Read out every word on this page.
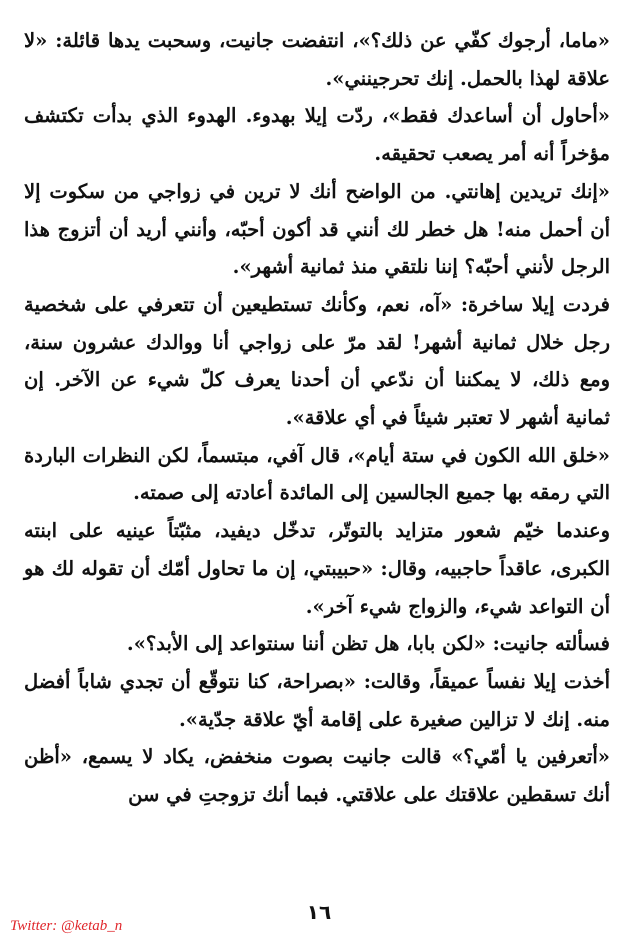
«ماما، أرجوك كفّي عن ذلك؟»، انتفضت جانيت، وسحبت يدها قائلة: «لا علاقة لهذا بالحمل. إنك تحرجينني».

«أحاول أن أساعدك فقط»، ردّت إيلا بهدوء. الهدوء الذي بدأت تكتشف مؤخراً أنه أمر يصعب تحقيقه.

«إنك تريدين إهانتي. من الواضح أنك لا ترين في زواجي من سكوت إلا أن أحمل منه! هل خطر لك أنني قد أكون أحبّه، وأنني أريد أن أتزوج هذا الرجل لأنني أحبّه؟ إننا نلتقي منذ ثمانية أشهر».

فردت إيلا ساخرة: «آه، نعم، وكأنك تستطيعين أن تتعرفي على شخصية رجل خلال ثمانية أشهر! لقد مرّ على زواجي أنا ووالدك عشرون سنة، ومع ذلك، لا يمكننا أن ندّعي أن أحدنا يعرف كلّ شيء عن الآخر. إن ثمانية أشهر لا تعتبر شيئاً في أي علاقة».

«خلق الله الكون في ستة أيام»، قال آفي، مبتسماً، لكن النظرات الباردة التي رمقه بها جميع الجالسين إلى المائدة أعادته إلى صمته.

وعندما خيّم شعور متزايد بالتوتّر، تدخّل ديفيد، مثبّتاً عينيه على ابنته الكبرى، عاقداً حاجبيه، وقال: «حبيبتي، إن ما تحاول أمّك أن تقوله لك هو أن التواعد شيء، والزواج شيء آخر».

فسألته جانيت: «لكن بابا، هل تظن أننا سنتواعد إلى الأبد؟».

أخذت إيلا نفساً عميقاً، وقالت: «بصراحة، كنا نتوقّع أن تجدي شاباً أفضل منه. إنك لا تزالين صغيرة على إقامة أيّ علاقة جدّية».

«أتعرفين يا أمّي؟» قالت جانيت بصوت منخفض، يكاد لا يسمع، «أظن أنك تسقطين علاقتك على علاقتي. فبما أنك تزوجتِ في سن

١٦
Twitter: @ketab_n
